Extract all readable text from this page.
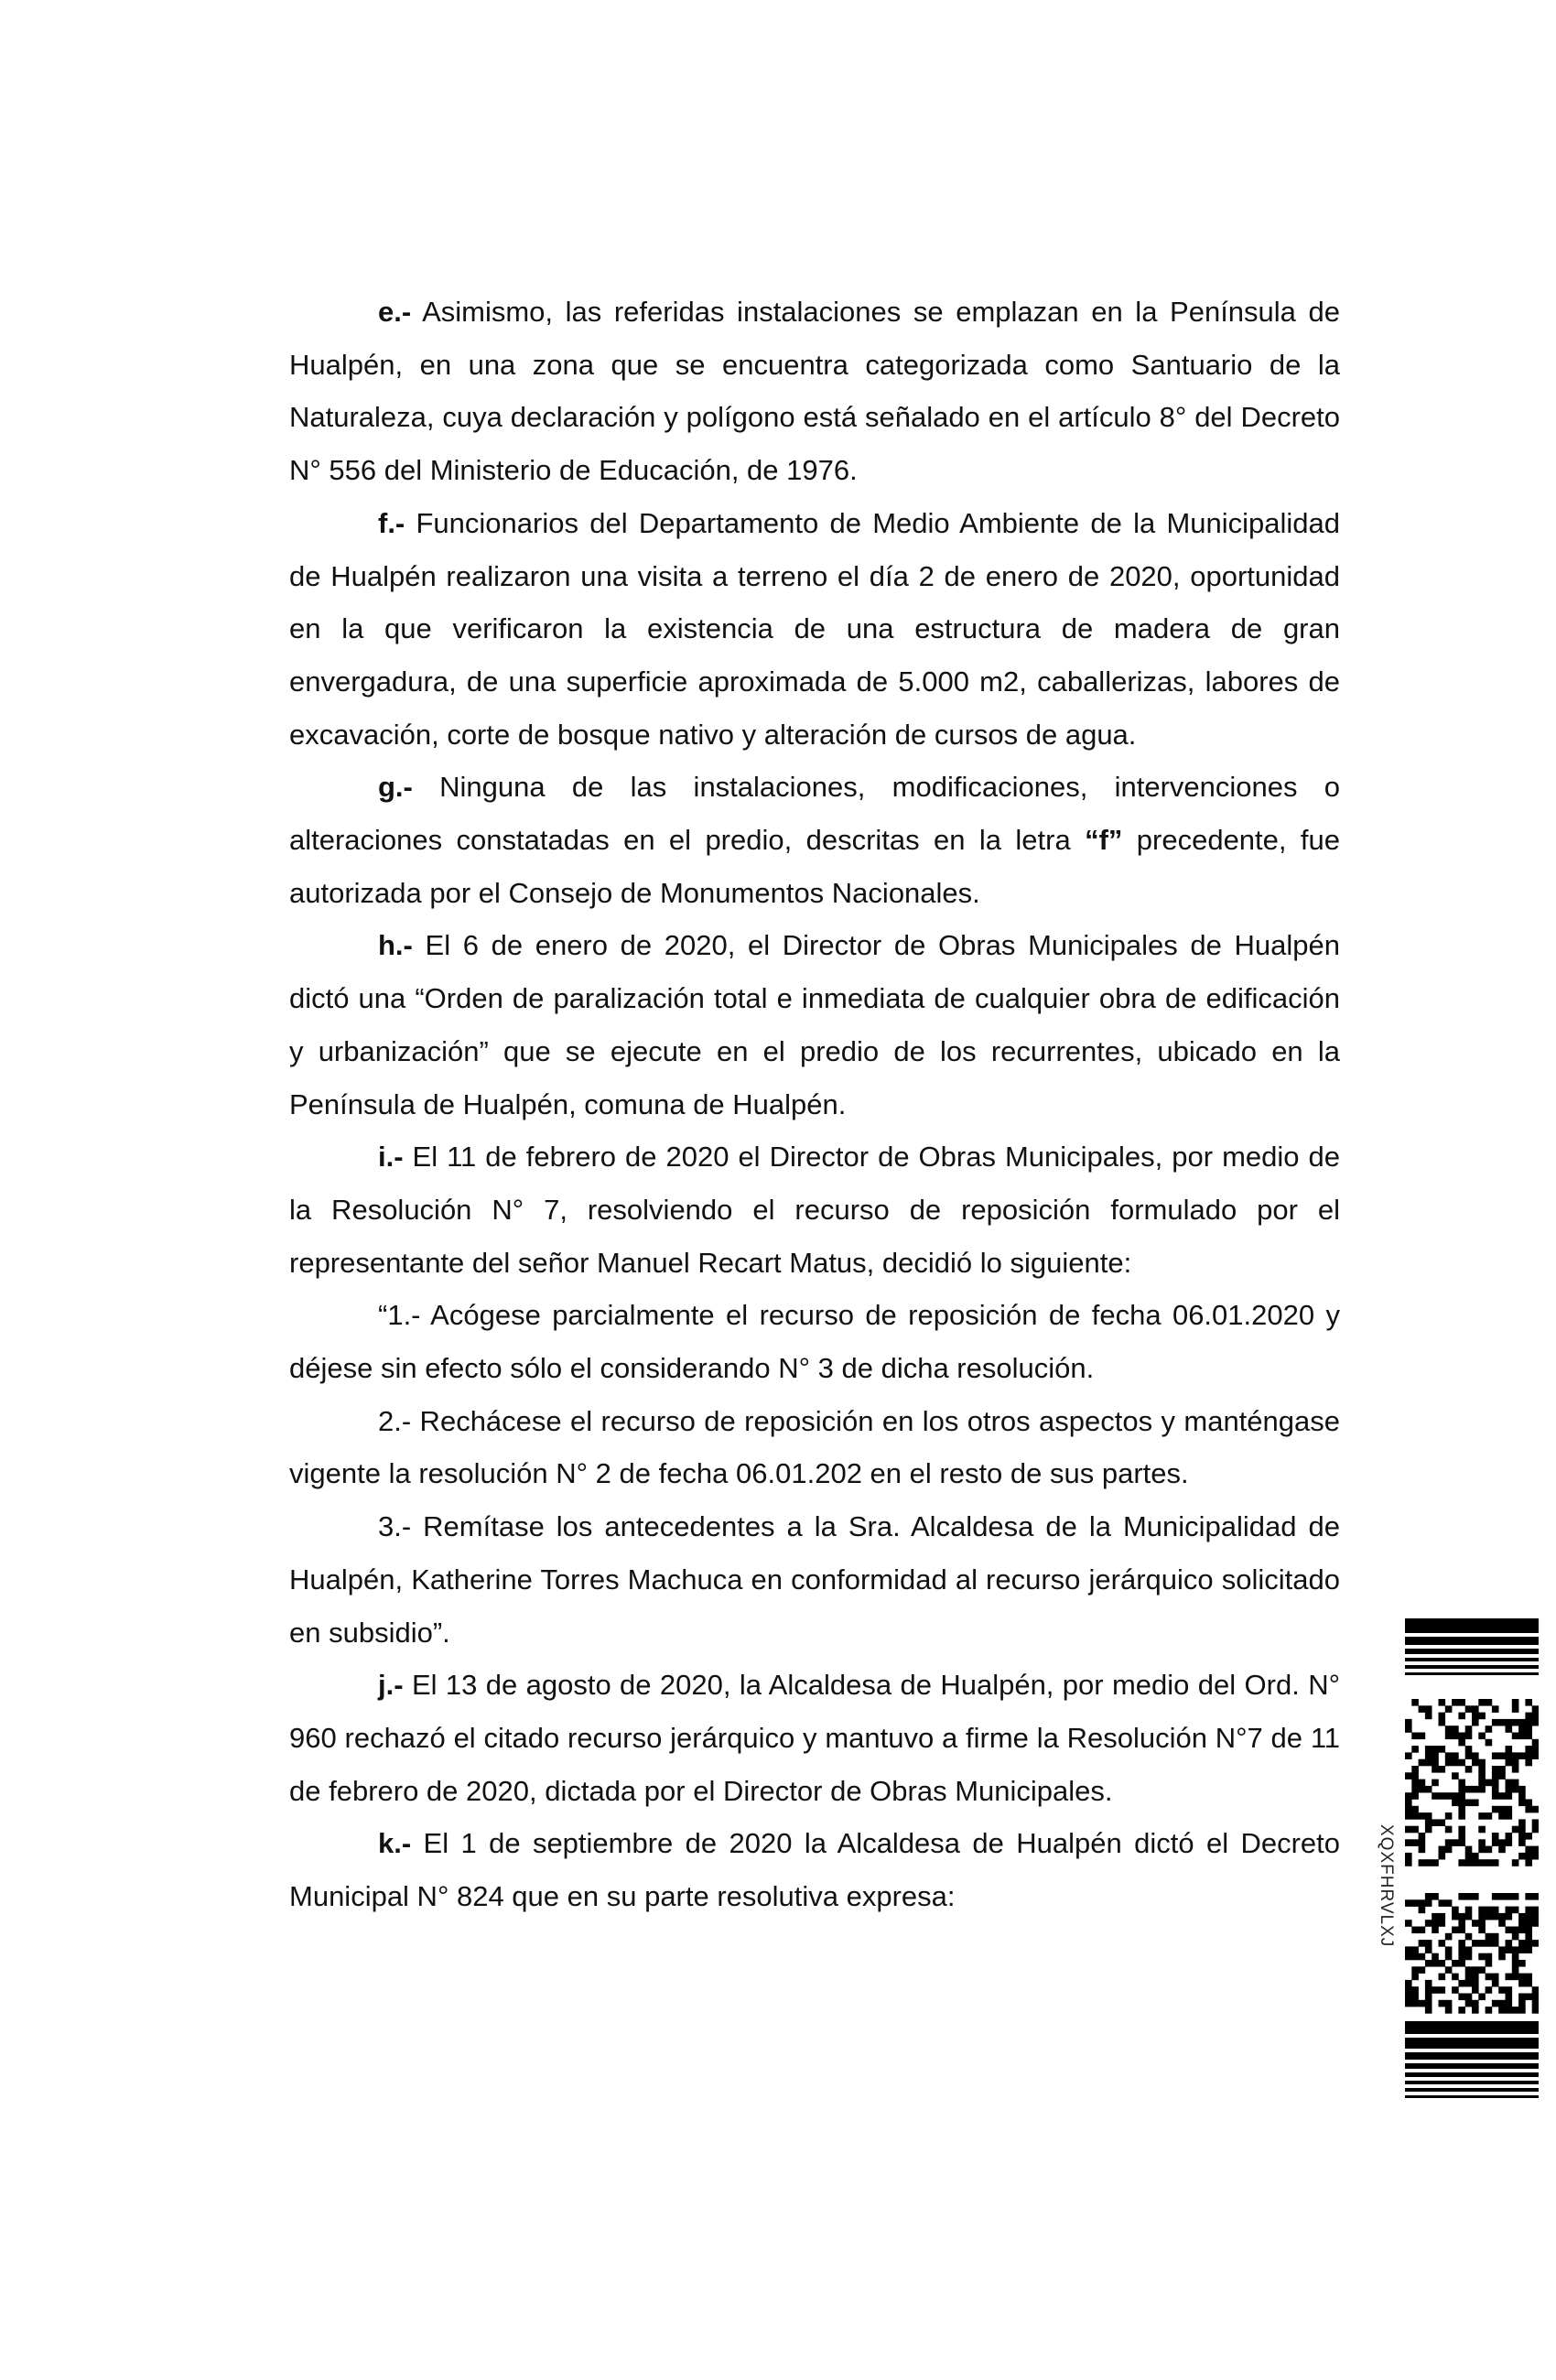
e.- Asimismo, las referidas instalaciones se emplazan en la Península de Hualpén, en una zona que se encuentra categorizada como Santuario de la Naturaleza, cuya declaración y polígono está señalado en el artículo 8° del Decreto N° 556 del Ministerio de Educación, de 1976.

f.- Funcionarios del Departamento de Medio Ambiente de la Municipalidad de Hualpén realizaron una visita a terreno el día 2 de enero de 2020, oportunidad en la que verificaron la existencia de una estructura de madera de gran envergadura, de una superficie aproximada de 5.000 m2, caballerizas, labores de excavación, corte de bosque nativo y alteración de cursos de agua.

g.- Ninguna de las instalaciones, modificaciones, intervenciones o alteraciones constatadas en el predio, descritas en la letra “f” precedente, fue autorizada por el Consejo de Monumentos Nacionales.

h.- El 6 de enero de 2020, el Director de Obras Municipales de Hualpén dictó una “Orden de paralización total e inmediata de cualquier obra de edificación y urbanización” que se ejecute en el predio de los recurrentes, ubicado en la Península de Hualpén, comuna de Hualpén.

i.- El 11 de febrero de 2020 el Director de Obras Municipales, por medio de la Resolución N° 7, resolviendo el recurso de reposición formulado por el representante del señor Manuel Recart Matus, decidió lo siguiente:

“1.- Acógese parcialmente el recurso de reposición de fecha 06.01.2020 y déjese sin efecto sólo el considerando N° 3 de dicha resolución.

2.- Rechácese el recurso de reposición en los otros aspectos y manténgase vigente la resolución N° 2 de fecha 06.01.202 en el resto de sus partes.

3.- Remítase los antecedentes a la Sra. Alcaldesa de la Municipalidad de Hualpén, Katherine Torres Machuca en conformidad al recurso jerárquico solicitado en subsidio”.

j.- El 13 de agosto de 2020, la Alcaldesa de Hualpén, por medio del Ord. N° 960 rechazó el citado recurso jerárquico y mantuvo a firme la Resolución N°7 de 11 de febrero de 2020, dictada por el Director de Obras Municipales.

k.- El 1 de septiembre de 2020 la Alcaldesa de Hualpén dictó el Decreto Municipal N° 824 que en su parte resolutiva expresa:	XQXFHRVLXJ
